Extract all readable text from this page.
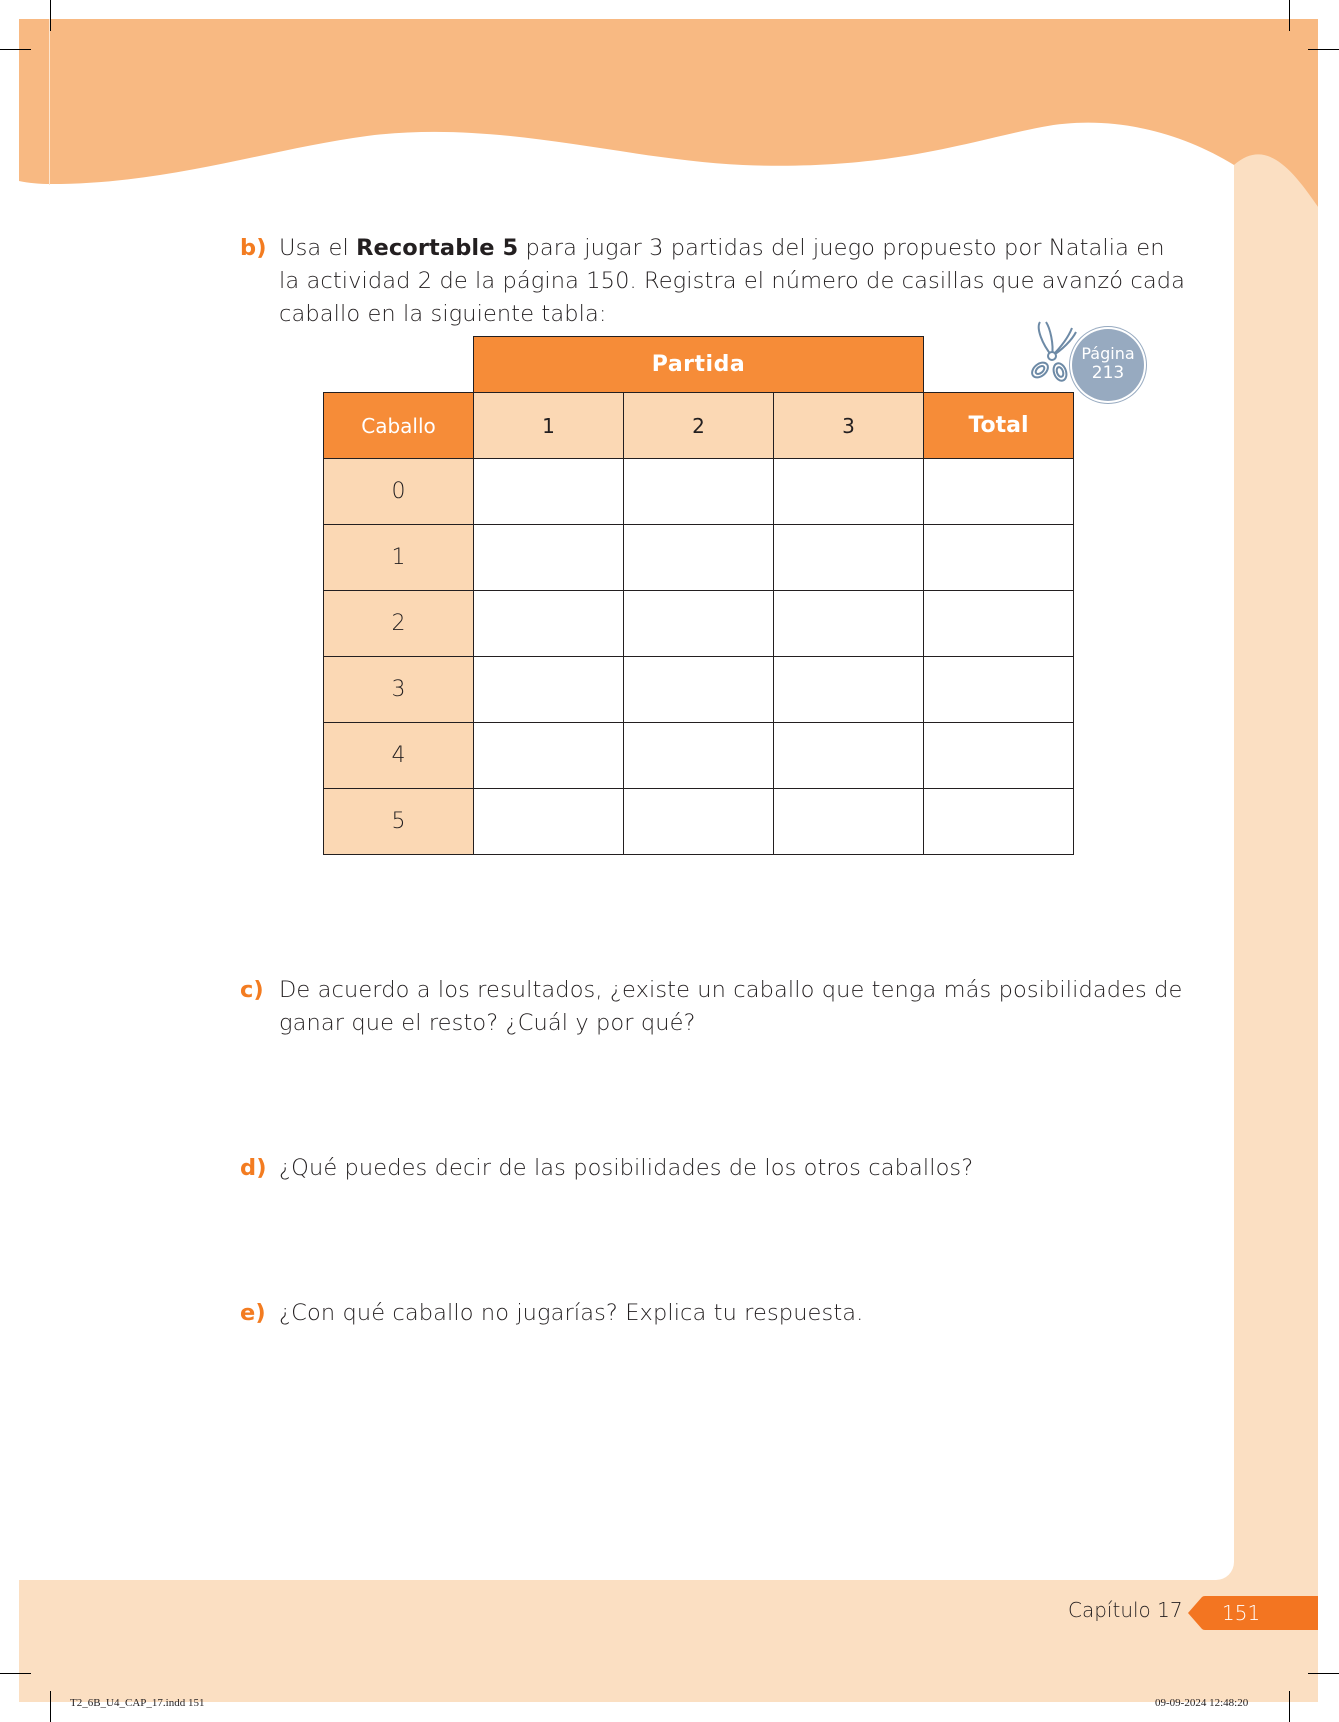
b) Usa el Recortable 5 para jugar 3 partidas del juego propuesto por Natalia en
la actividad 2 de la página 150. Registra el número de casillas que avanzó cada
caballo en la siguiente tabla:
Página
213
	Partida			
Caballo	1	2	3	Total
0				
1				
2				
3				
4				
5				
c) De acuerdo a los resultados, ¿existe un caballo que tenga más posibilidades de
ganar que el resto? ¿Cuál y por qué?
d) ¿Qué puedes decir de las posibilidades de los otros caballos?
e) ¿Con qué caballo no jugarías? Explica tu respuesta.
Capítulo 17	151
T2_6B_U4_CAP_17.indd 151	09-09-2024 12:48:20
